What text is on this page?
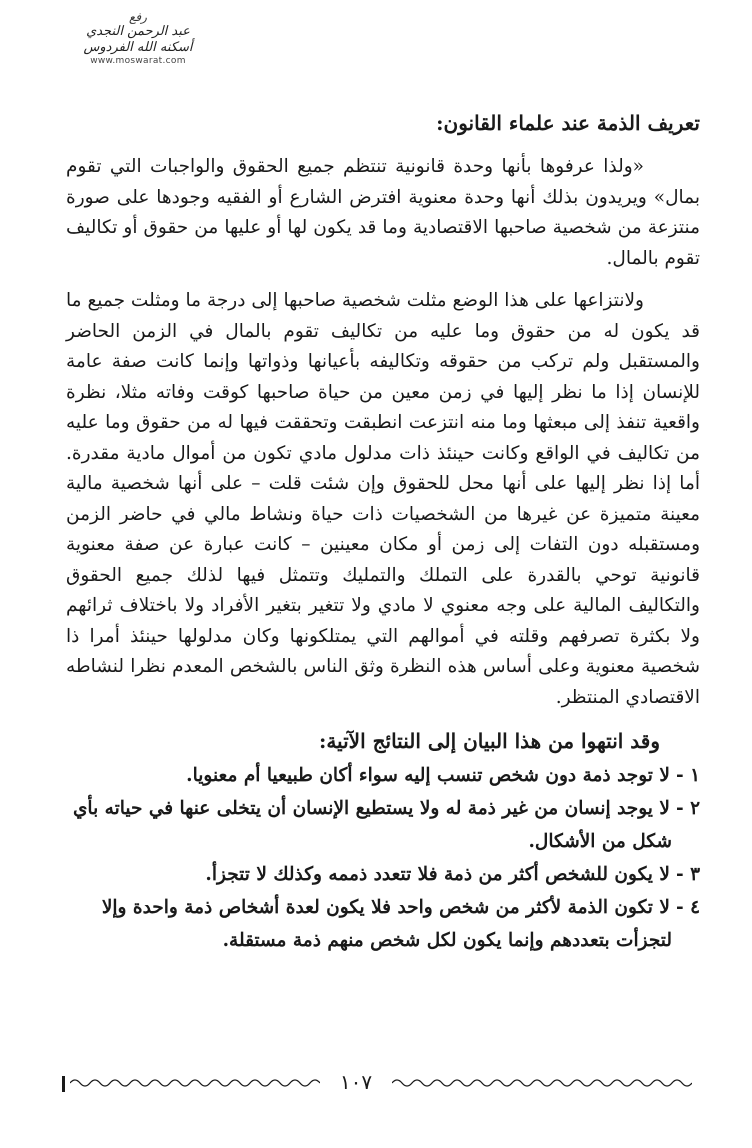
رفع
عبد الرحمن النجدي
أسكنه الله الفردوس
www.moswarat.com
تعريف الذمة عند علماء القانون:

«ولذا عرفوها بأنها وحدة قانونية تنتظم جميع الحقوق والواجبات التي تقوم بمال» ويريدون بذلك أنها وحدة معنوية افترض الشارع أو الفقيه وجودها على صورة منتزعة من شخصية صاحبها الاقتصادية وما قد يكون لها أو عليها من حقوق أو تكاليف تقوم بالمال.

ولانتزاعها على هذا الوضع مثلت شخصية صاحبها إلى درجة ما ومثلت جميع ما قد يكون له من حقوق وما عليه من تكاليف تقوم بالمال في الزمن الحاضر والمستقبل ولم تركب من حقوقه وتكاليفه بأعيانها وذواتها وإنما كانت صفة عامة للإنسان إذا ما نظر إليها في زمن معين من حياة صاحبها كوقت وفاته مثلا، نظرة واقعية تنفذ إلى مبعثها وما منه انتزعت انطبقت وتحققت فيها له من حقوق وما عليه من تكاليف في الواقع وكانت حينئذ ذات مدلول مادي تكون من أموال مادية مقدرة. أما إذا نظر إليها على أنها محل للحقوق وإن شئت قلت – على أنها شخصية مالية معينة متميزة عن غيرها من الشخصيات ذات حياة ونشاط مالي في حاضر الزمن ومستقبله دون التفات إلى زمن أو مكان معينين – كانت عبارة عن صفة معنوية قانونية توحي بالقدرة على التملك والتمليك وتتمثل فيها لذلك جميع الحقوق والتكاليف المالية على وجه معنوي لا مادي ولا تتغير بتغير الأفراد ولا باختلاف ثرائهم ولا بكثرة تصرفهم وقلته في أموالهم التي يمتلكونها وكان مدلولها حينئذ أمرا ذا شخصية معنوية وعلى أساس هذه النظرة وثق الناس بالشخص المعدم نظرا لنشاطه الاقتصادي المنتظر.

وقد انتهوا من هذا البيان إلى النتائج الآتية:
١ -لا توجد ذمة دون شخص تنسب إليه سواء أكان طبيعيا أم معنويا.
٢ -لا يوجد إنسان من غير ذمة له ولا يستطيع الإنسان أن يتخلى عنها في حياته بأي
شكل من الأشكال.
٣ -لا يكون للشخص أكثر من ذمة فلا تتعدد ذممه وكذلك لا تتجزأ.
٤ -لا تكون الذمة لأكثر من شخص واحد فلا يكون لعدة أشخاص ذمة واحدة وإلا
لتجزأت بتعددهم وإنما يكون لكل شخص منهم ذمة مستقلة.
١٠٧
